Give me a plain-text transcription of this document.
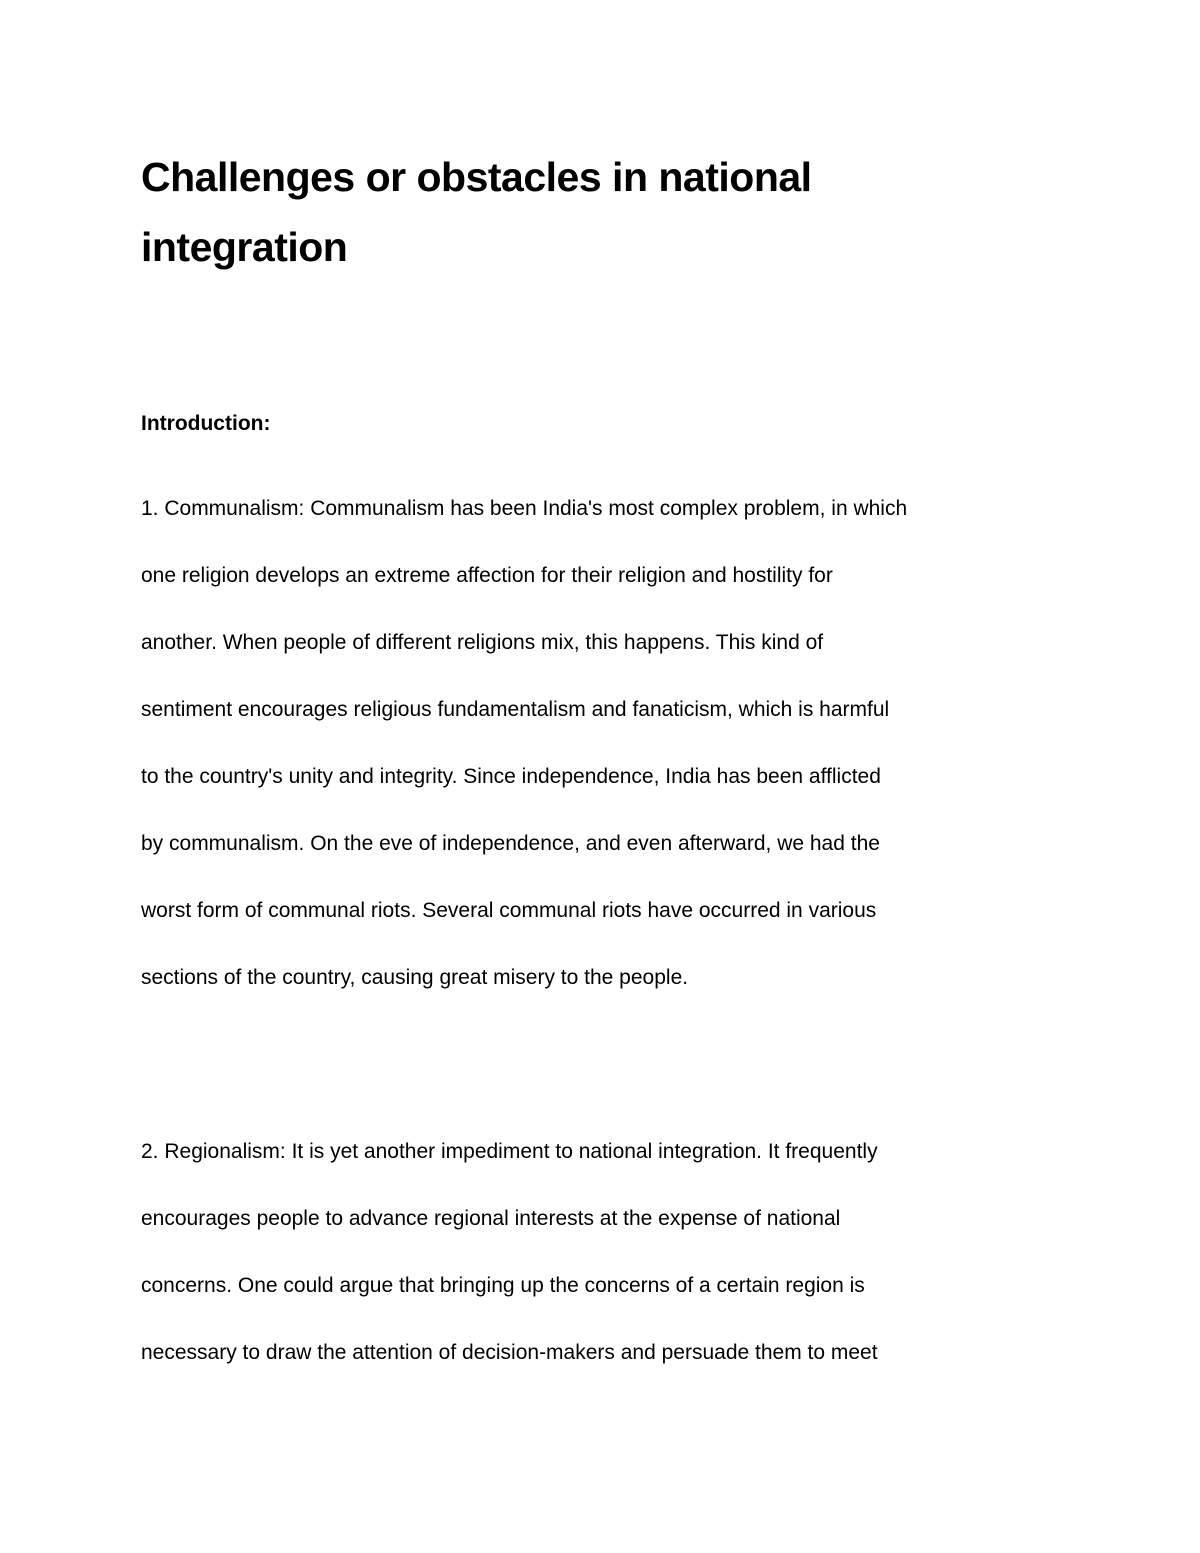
Challenges or obstacles in national
integration
Introduction:
1. Communalism: Communalism has been India's most complex problem, in which
one religion develops an extreme affection for their religion and hostility for
another. When people of different religions mix, this happens. This kind of
sentiment encourages religious fundamentalism and fanaticism, which is harmful
to the country's unity and integrity. Since independence, India has been afflicted
by communalism. On the eve of independence, and even afterward, we had the
worst form of communal riots. Several communal riots have occurred in various
sections of the country, causing great misery to the people.
2. Regionalism: It is yet another impediment to national integration. It frequently
encourages people to advance regional interests at the expense of national
concerns. One could argue that bringing up the concerns of a certain region is
necessary to draw the attention of decision-makers and persuade them to meet
